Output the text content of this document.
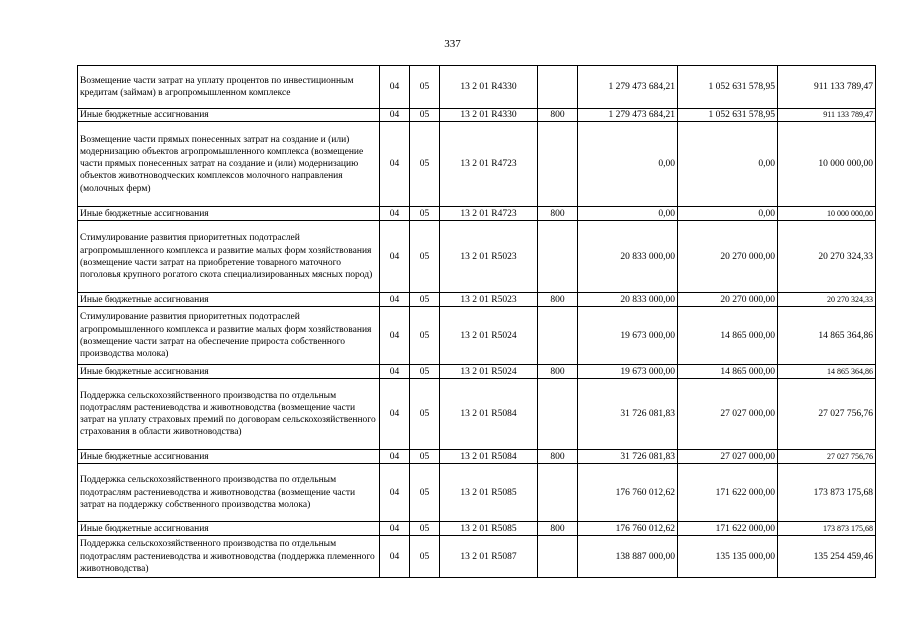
337
Возмещение части затрат на уплату процентов по инвестиционным кредитам (займам) в агропромышленном комплексе	04	05	13 2 01 R4330		1 279 473 684,21	1 052 631 578,95	911 133 789,47
Иные бюджетные ассигнования	04	05	13 2 01 R4330	800	1 279 473 684,21	1 052 631 578,95	911 133 789,47
Возмещение части прямых понесенных затрат на создание и (или) модернизацию объектов агропромышленного комплекса (возмещение части прямых понесенных затрат на создание и (или) модернизацию объектов животноводческих комплексов молочного направления (молочных ферм)	04	05	13 2 01 R4723		0,00	0,00	10 000 000,00
Иные бюджетные ассигнования	04	05	13 2 01 R4723	800	0,00	0,00	10 000 000,00
Стимулирование развития приоритетных подотраслей агропромышленного комплекса и развитие малых форм хозяйствования (возмещение части затрат на приобретение товарного маточного поголовья крупного рогатого скота специализированных мясных пород)	04	05	13 2 01 R5023		20 833 000,00	20 270 000,00	20 270 324,33
Иные бюджетные ассигнования	04	05	13 2 01 R5023	800	20 833 000,00	20 270 000,00	20 270 324,33
Стимулирование развития приоритетных подотраслей агропромышленного комплекса и развитие малых форм хозяйствования (возмещение части затрат на обеспечение прироста собственного производства молока)	04	05	13 2 01 R5024		19 673 000,00	14 865 000,00	14 865 364,86
Иные бюджетные ассигнования	04	05	13 2 01 R5024	800	19 673 000,00	14 865 000,00	14 865 364,86
Поддержка сельскохозяйственного производства по отдельным подотраслям растениеводства и животноводства (возмещение части затрат на уплату страховых премий по договорам сельскохозяйственного страхования в области животноводства)	04	05	13 2 01 R5084		31 726 081,83	27 027 000,00	27 027 756,76
Иные бюджетные ассигнования	04	05	13 2 01 R5084	800	31 726 081,83	27 027 000,00	27 027 756,76
Поддержка сельскохозяйственного производства по отдельным подотраслям растениеводства и животноводства (возмещение части затрат на поддержку собственного производства молока)	04	05	13 2 01 R5085		176 760 012,62	171 622 000,00	173 873 175,68
Иные бюджетные ассигнования	04	05	13 2 01 R5085	800	176 760 012,62	171 622 000,00	173 873 175,68
Поддержка сельскохозяйственного производства по отдельным подотраслям растениеводства и животноводства (поддержка племенного животноводства)	04	05	13 2 01 R5087		138 887 000,00	135 135 000,00	135 254 459,46
